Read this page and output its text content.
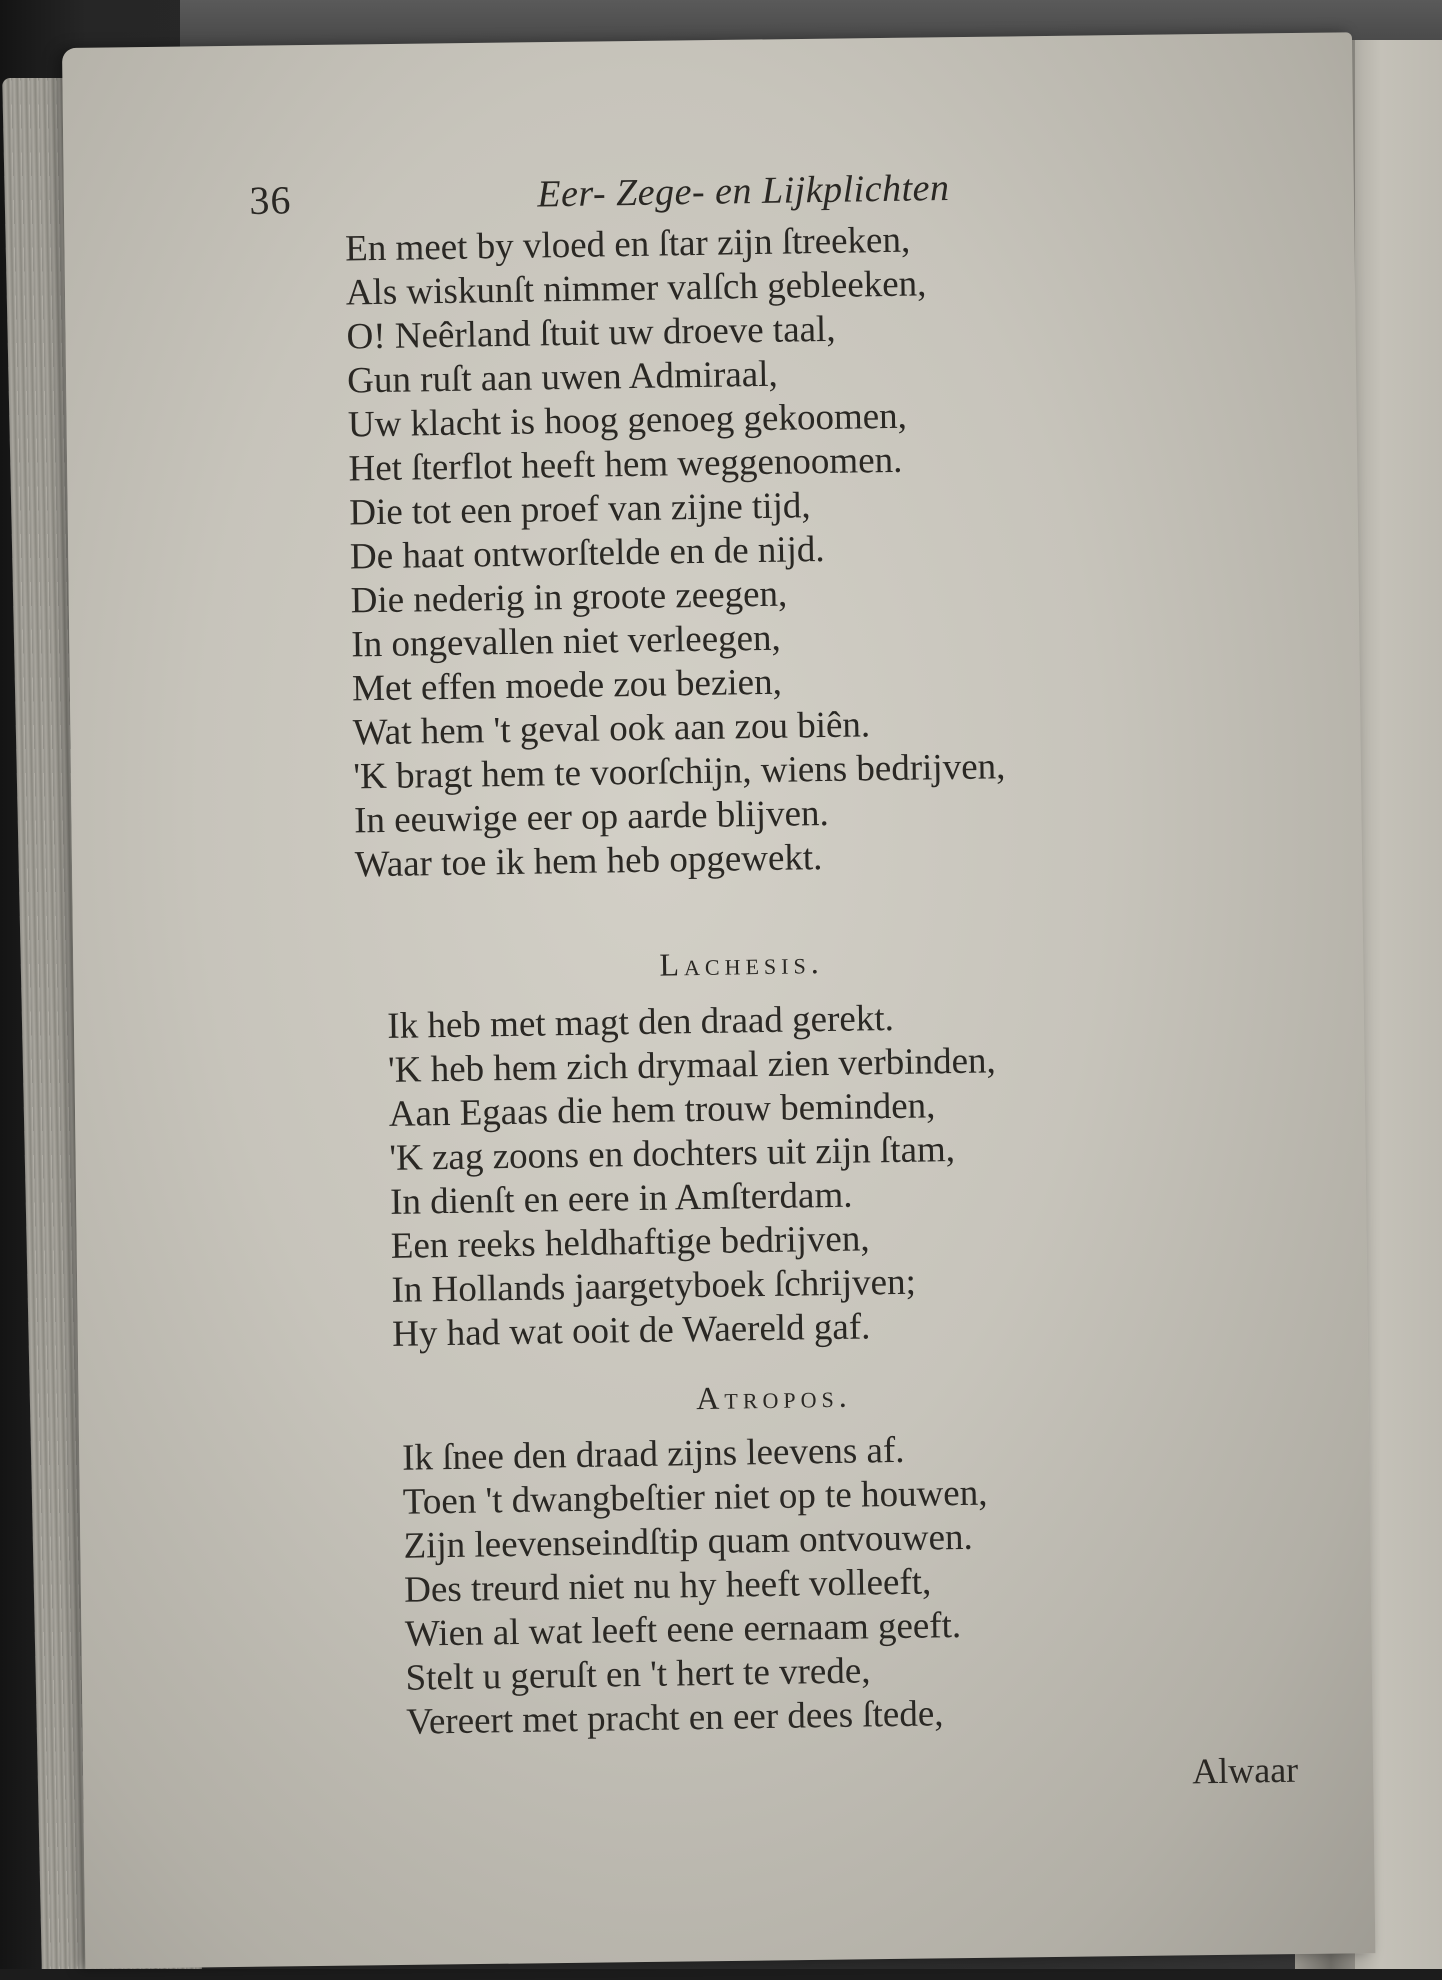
36	Eer- Zege- en Lijkplichten
En meet by vloed en ſtar zijn ſtreeken,
Als wiskunſt nimmer valſch gebleeken,
O! Neêrland ſtuit uw droeve taal,
Gun ruſt aan uwen Admiraal,
Uw klacht is hoog genoeg gekoomen,
Het ſterflot heeft hem weggenoomen.
Die tot een proef van zijne tijd,
De haat ontworſtelde en de nijd.
Die nederig in groote zeegen,
In ongevallen niet verleegen,
Met effen moede zou bezien,
Wat hem 't geval ook aan zou biên.
'K bragt hem te voorſchijn, wiens bedrijven,
In eeuwige eer op aarde blijven.
Waar toe ik hem heb opgewekt.
Lachesis.
Ik heb met magt den draad gerekt.
'K heb hem zich drymaal zien verbinden,
Aan Egaas die hem trouw beminden,
'K zag zoons en dochters uit zijn ſtam,
In dienſt en eere in Amſterdam.
Een reeks heldhaftige bedrijven,
In Hollands jaargetyboek ſchrijven;
Hy had wat ooit de Waereld gaf.
Atropos.
Ik ſnee den draad zijns leevens af.
Toen 't dwangbeſtier niet op te houwen,
Zijn leevenseindſtip quam ontvouwen.
Des treurd niet nu hy heeft volleeft,
Wien al wat leeft eene eernaam geeft.
Stelt u geruſt en 't hert te vrede,
Vereert met pracht en eer dees ſtede,
Alwaar
